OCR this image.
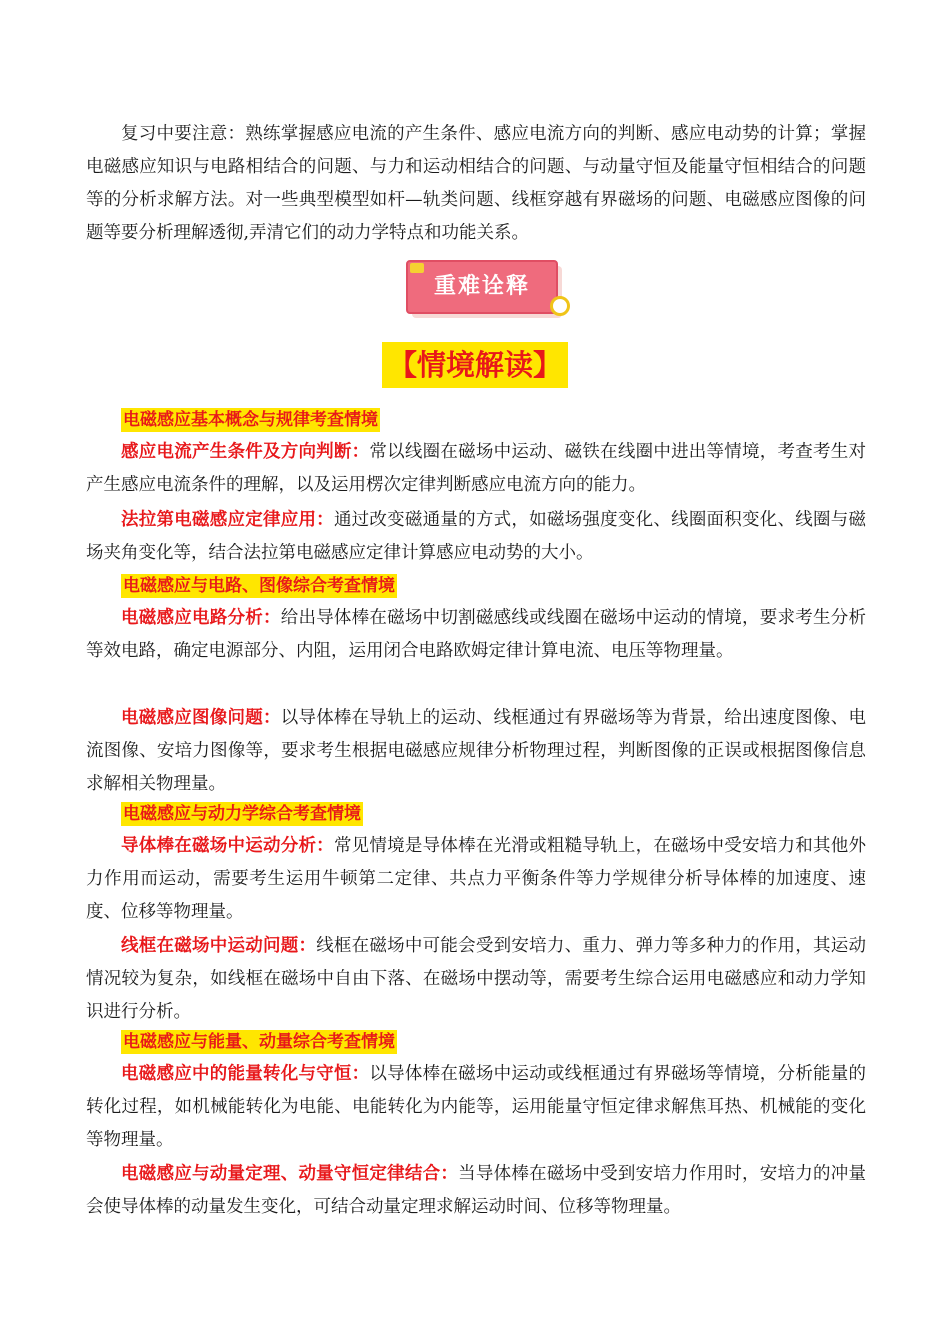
复习中要注意：熟练掌握感应电流的产生条件、感应电流方向的判断、感应电动势的计算；掌握电磁感应知识与电路相结合的问题、与力和运动相结合的问题、与动量守恒及能量守恒相结合的问题等的分析求解方法。对一些典型模型如杆—轨类问题、线框穿越有界磁场的问题、电磁感应图像的问题等要分析理解透彻,弄清它们的动力学特点和功能关系。

重难诠释
【情境解读】
电磁感应基本概念与规律考查情境

感应电流产生条件及方向判断：常以线圈在磁场中运动、磁铁在线圈中进出等情境，考查考生对产生感应电流条件的理解，以及运用楞次定律判断感应电流方向的能力。

法拉第电磁感应定律应用：通过改变磁通量的方式，如磁场强度变化、线圈面积变化、线圈与磁场夹角变化等，结合法拉第电磁感应定律计算感应电动势的大小。

电磁感应与电路、图像综合考查情境

电磁感应电路分析：给出导体棒在磁场中切割磁感线或线圈在磁场中运动的情境，要求考生分析等效电路，确定电源部分、内阻，运用闭合电路欧姆定律计算电流、电压等物理量。

电磁感应图像问题：以导体棒在导轨上的运动、线框通过有界磁场等为背景，给出速度图像、电流图像、安培力图像等，要求考生根据电磁感应规律分析物理过程，判断图像的正误或根据图像信息求解相关物理量。

电磁感应与动力学综合考查情境

导体棒在磁场中运动分析：常见情境是导体棒在光滑或粗糙导轨上，在磁场中受安培力和其他外力作用而运动，需要考生运用牛顿第二定律、共点力平衡条件等力学规律分析导体棒的加速度、速度、位移等物理量。

线框在磁场中运动问题：线框在磁场中可能会受到安培力、重力、弹力等多种力的作用，其运动情况较为复杂，如线框在磁场中自由下落、在磁场中摆动等，需要考生综合运用电磁感应和动力学知识进行分析。

电磁感应与能量、动量综合考查情境

电磁感应中的能量转化与守恒：以导体棒在磁场中运动或线框通过有界磁场等情境，分析能量的转化过程，如机械能转化为电能、电能转化为内能等，运用能量守恒定律求解焦耳热、机械能的变化等物理量。

电磁感应与动量定理、动量守恒定律结合：当导体棒在磁场中受到安培力作用时，安培力的冲量会使导体棒的动量发生变化，可结合动量定理求解运动时间、位移等物理量。
